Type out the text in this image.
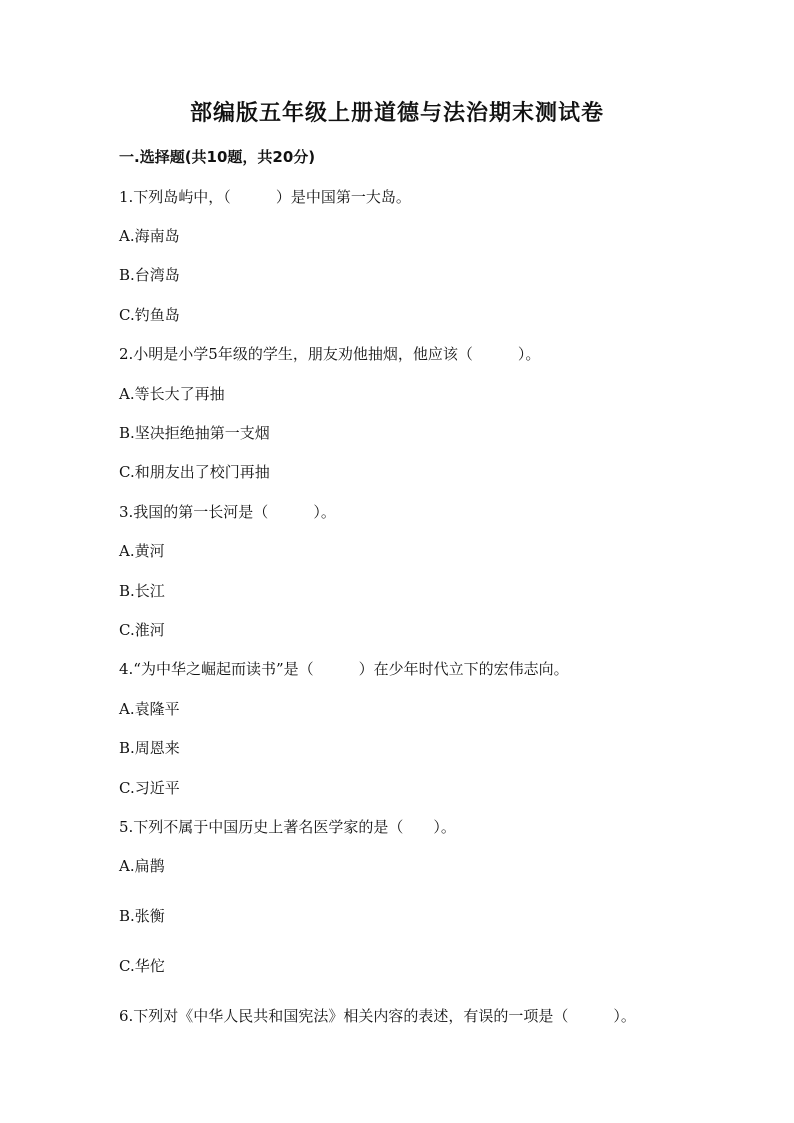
部编版五年级上册道德与法治期末测试卷
一.选择题(共10题，共20分)
1.下列岛屿中，（　　　）是中国第一大岛。
A.海南岛
B.台湾岛
C.钓鱼岛
2.小明是小学5年级的学生，朋友劝他抽烟，他应该（　　　）。
A.等长大了再抽
B.坚决拒绝抽第一支烟
C.和朋友出了校门再抽
3.我国的第一长河是（　　　）。
A.黄河
B.长江
C.淮河
4.“为中华之崛起而读书”是（　　　）在少年时代立下的宏伟志向。
A.袁隆平
B.周恩来
C.习近平
5.下列不属于中国历史上著名医学家的是（　　）。
A.扁鹊
B.张衡
C.华佗
6.下列对《中华人民共和国宪法》相关内容的表述，有误的一项是（　　　）。
